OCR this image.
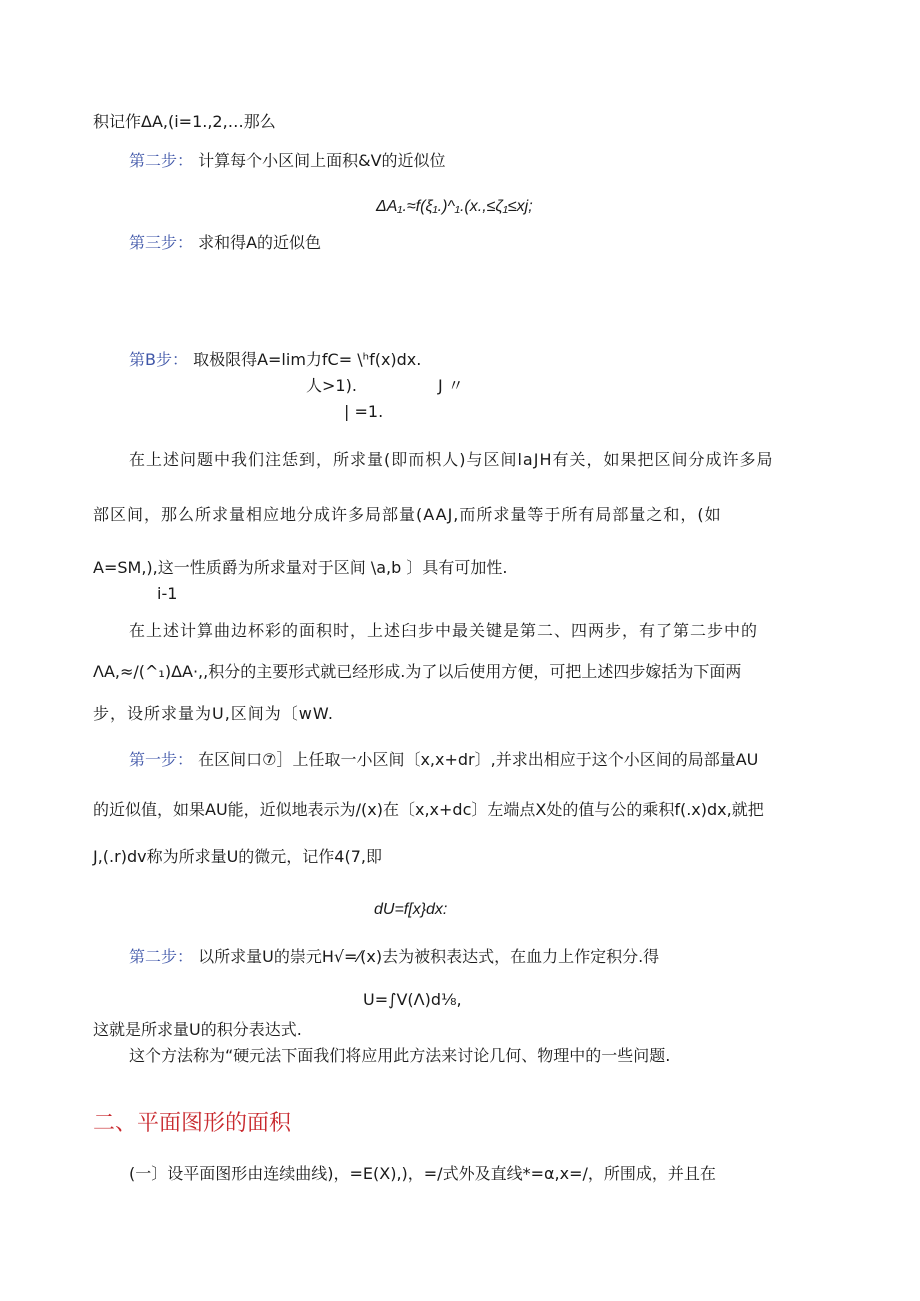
积记作ΔA,(i=1.,2,…那么
第二步： 计算每个小区间上面积&V的近似位
ΔA₁.≈f(ξ₁.)^₁.(x.,≤ζ₁≤xj;
第三步： 求和得A的近似色
第B步： 取极限得A=lim力fC= \ʰf(x)dx.
人>1).	J 〃
| =1.
在上述问题中我们注恁到，所求量(即而枳人)与区间laJH有关，如果把区间分成许多局
部区间，那么所求量相应地分成许多局部量(AAJ,而所求量等于所有局部量之和，(如
A=SM,),这一性质爵为所求量对于区间 \a,b 〕具有可加性.
i-1
在上述计算曲边杯彩的面积时，上述臼步中最关键是第二、四两步，有了第二步中的
ΛA,≈/(^₁)ΔA·,,积分的主要形式就已经形成.为了以后使用方便，可把上述四步嫁括为下面两
步，设所求量为U,区间为〔wW.
第一步： 在区间口⑦］上任取一小区间〔x,x+dr〕,并求出相应于这个小区间的局部量AU
的近似值，如果AU能，近似地表示为/(x)在〔x,x+dc〕左端点X处的值与公的乘积f(.x)dx,就把
J,(.r)dv称为所求量U的微元，记作4(7,即
dU=f[x}dx:
第二步： 以所求量U的崇元H√=⁄(x)去为被积表达式，在血力上作定积分.得
U=∫V(Λ)d⅛,
这就是所求量U的积分表达式.
这个方法称为“硬元法下面我们将应用此方法来讨论几何、物理中的一些问题.
二、平面图形的面积
(一〕设平面图形由连续曲线)，=E(X),)，=/式外及直线*=α,x=/，所围成，并且在
